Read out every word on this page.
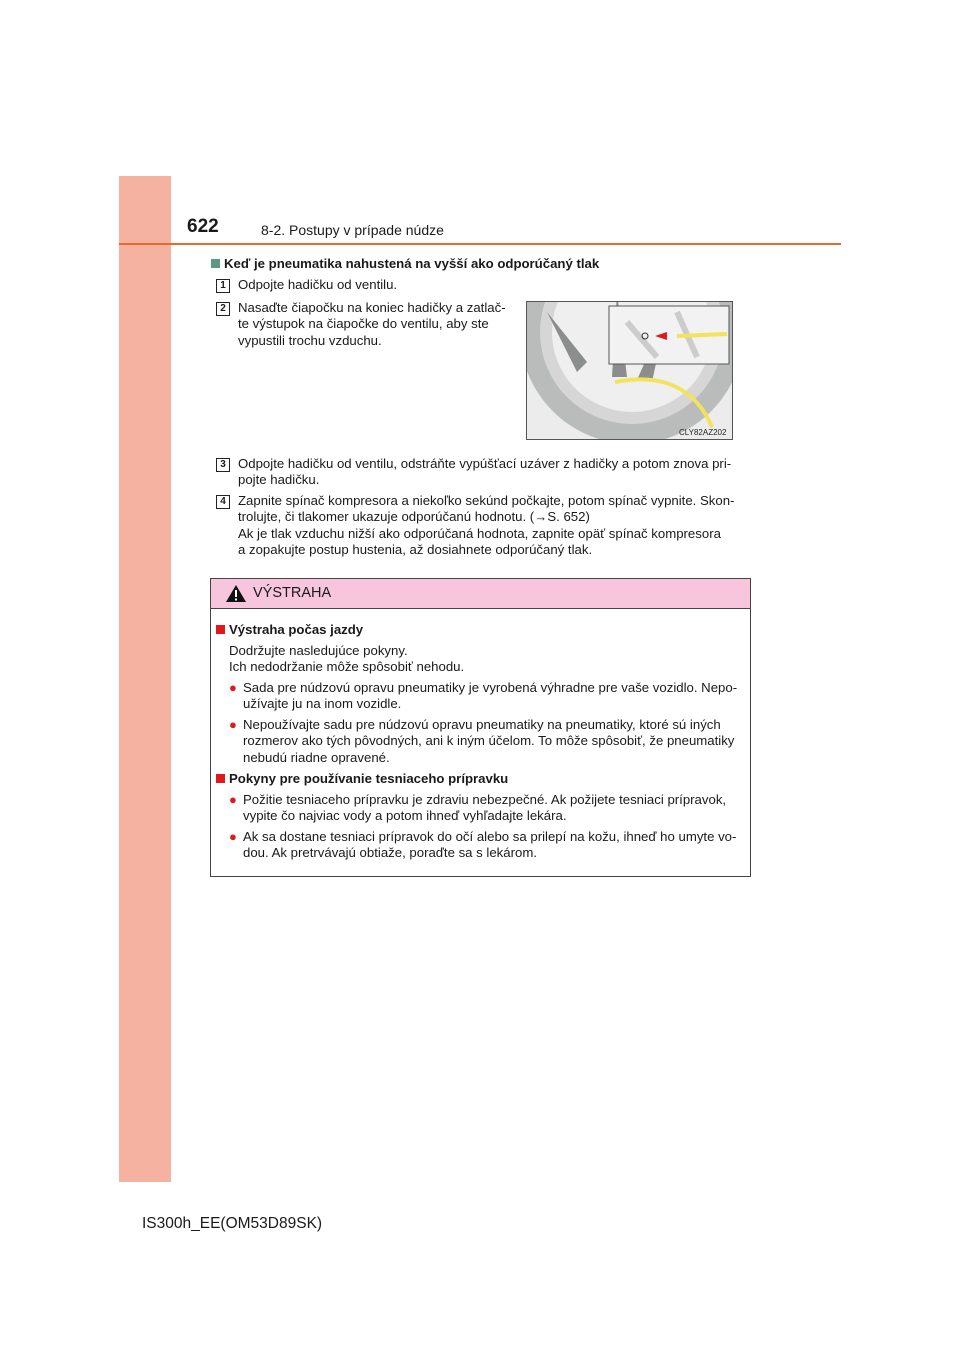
622	8-2. Postupy v prípade núdze
Keď je pneumatika nahustená na vyšší ako odporúčaný tlak
1 Odpojte hadičku od ventilu.
2 Nasaďte čiapočku na koniec hadičky a zatlač-
te výstupok na čiapočke do ventilu, aby ste
vypustili trochu vzduchu.
CLY82AZ202
3 Odpojte hadičku od ventilu, odstráňte vypúšťací uzáver z hadičky a potom znova pri-
pojte hadičku.
4 Zapnite spínač kompresora a niekoľko sekúnd počkajte, potom spínač vypnite. Skon-
trolujte, či tlakomer ukazuje odporúčanú hodnotu. (→S. 652)
Ak je tlak vzduchu nižší ako odporúčaná hodnota, zapnite opäť spínač kompresora
a zopakujte postup hustenia, až dosiahnete odporúčaný tlak.
VÝSTRAHA
Výstraha počas jazdy
Dodržujte nasledujúce pokyny.
Ich nedodržanie môže spôsobiť nehodu.
● Sada pre núdzovú opravu pneumatiky je vyrobená výhradne pre vaše vozidlo. Nepo-
užívajte ju na inom vozidle.
● Nepoužívajte sadu pre núdzovú opravu pneumatiky na pneumatiky, ktoré sú iných
rozmerov ako tých pôvodných, ani k iným účelom. To môže spôsobiť, že pneumatiky
nebudú riadne opravené.
Pokyny pre používanie tesniaceho prípravku
● Požitie tesniaceho prípravku je zdraviu nebezpečné. Ak požijete tesniaci prípravok,
vypite čo najviac vody a potom ihneď vyhľadajte lekára.
● Ak sa dostane tesniaci prípravok do očí alebo sa prilepí na kožu, ihneď ho umyte vo-
dou. Ak pretrvávajú obtiaže, poraďte sa s lekárom.
IS300h_EE(OM53D89SK)
